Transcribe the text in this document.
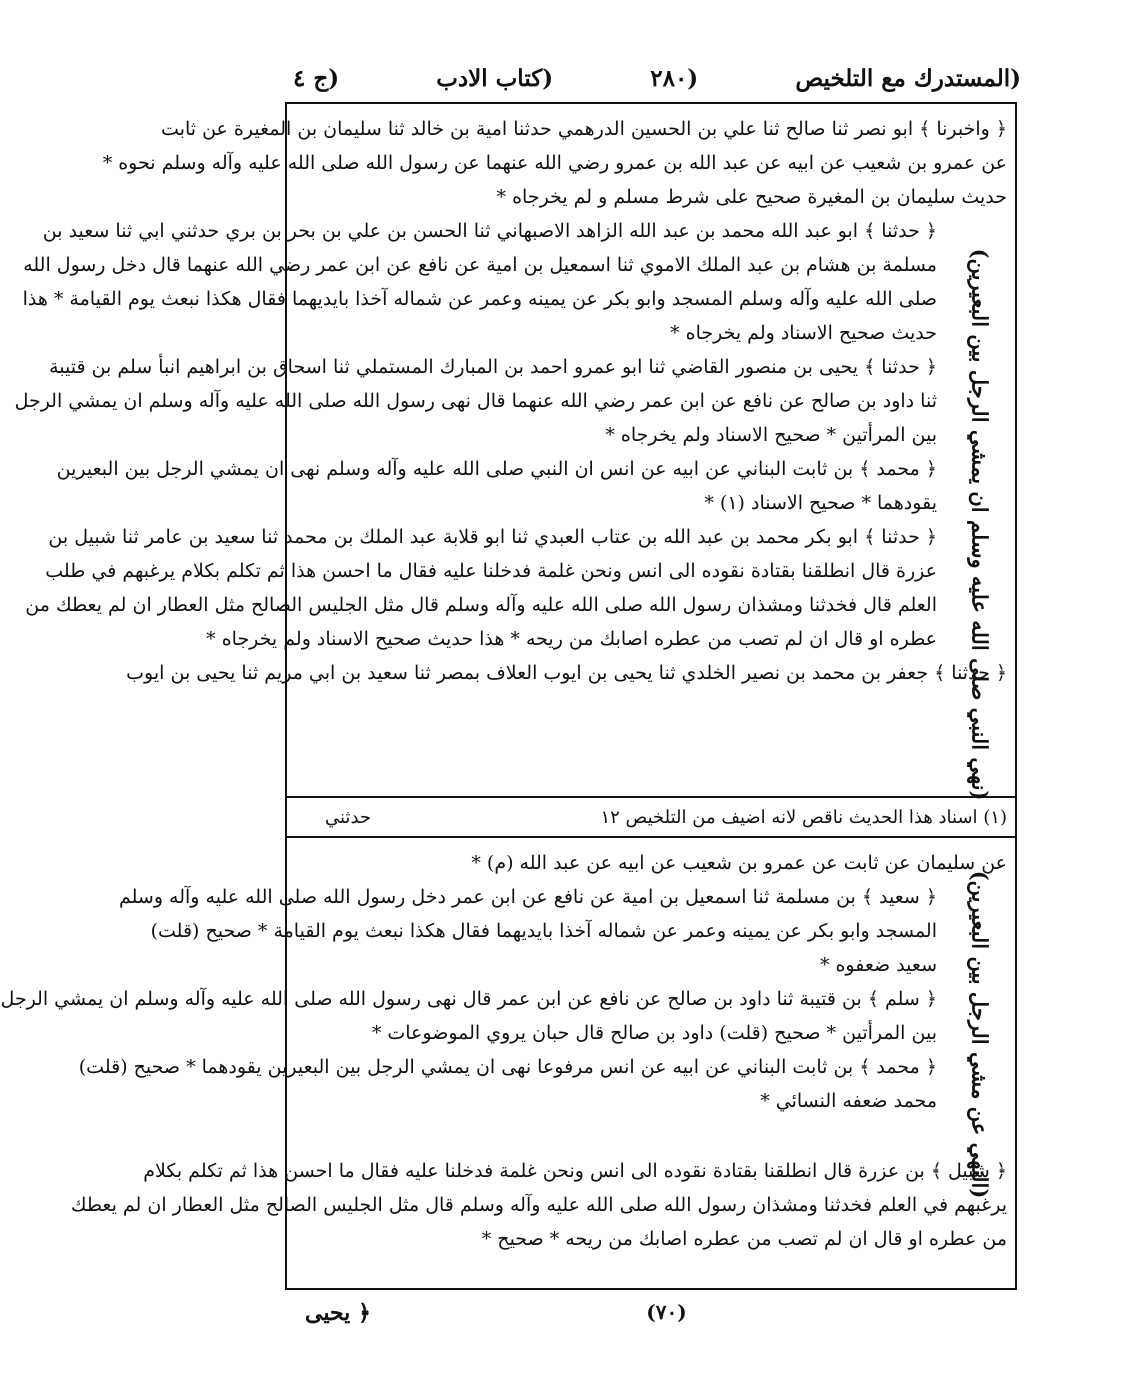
(المستدرك مع التلخيص
(٢٨٠
(كتاب الادب
(ج ٤
﴿ واخبرنا ﴾ ابو نصر ثنا صالح ثنا علي بن الحسين الدرهمي حدثنا امية بن خالد ثنا سليمان بن المغيرة عن ثابت
عن عمرو بن شعيب عن ابيه عن عبد الله بن عمرو رضي الله عنهما عن رسول الله صلى الله عليه وآله وسلم نحوه *
حديث سليمان بن المغيرة صحيح على شرط مسلم و لم يخرجاه *
﴿ حدثنا ﴾ ابو عبد الله محمد بن عبد الله الزاهد الاصبهاني ثنا الحسن بن علي بن بحر بن بري حدثني ابي ثنا سعيد بن
مسلمة بن هشام بن عبد الملك الاموي ثنا اسمعيل بن امية عن نافع عن ابن عمر رضي الله عنهما قال دخل رسول الله
صلى الله عليه وآله وسلم المسجد وابو بكر عن يمينه وعمر عن شماله آخذا بايديهما فقال هكذا نبعث يوم القيامة * هذا
حديث صحيح الاسناد ولم يخرجاه *
﴿ حدثنا ﴾ يحيى بن منصور القاضي ثنا ابو عمرو احمد بن المبارك المستملي ثنا اسحاق بن ابراهيم انبأ سلم بن قتيبة
ثنا داود بن صالح عن نافع عن ابن عمر رضي الله عنهما قال نهى رسول الله صلى الله عليه وآله وسلم ان يمشي الرجل
بين المرأتين * صحيح الاسناد ولم يخرجاه *
﴿ محمد ﴾ بن ثابت البناني عن ابيه عن انس ان النبي صلى الله عليه وآله وسلم نهى ان يمشي الرجل بين البعيرين
يقودهما * صحيح الاسناد (١) *
﴿ حدثنا ﴾ ابو بكر محمد بن عبد الله بن عتاب العبدي ثنا ابو قلابة عبد الملك بن محمد ثنا سعيد بن عامر ثنا شبيل بن
عزرة قال انطلقنا بقتادة نقوده الى انس ونحن غلمة فدخلنا عليه فقال ما احسن هذا ثم تكلم بكلام يرغبهم في طلب
العلم قال فخدثنا ومشذان رسول الله صلى الله عليه وآله وسلم قال مثل الجليس الصالح مثل العطار ان لم يعطك من
عطره او قال ان لم تصب من عطره اصابك من ريحه * هذا حديث صحيح الاسناد ولم يخرجاه *
﴿ حدثنا ﴾ جعفر بن محمد بن نصير الخلدي ثنا يحيى بن ايوب العلاف بمصر ثنا سعيد بن ابي مريم ثنا يحيى بن ايوب
(١) اسناد هذا الحديث ناقص لانه اضيف من التلخيص ١٢
حدثني
عن سليمان عن ثابت عن عمرو بن شعيب عن ابيه عن عبد الله (م) *
﴿ سعيد ﴾ بن مسلمة ثنا اسمعيل بن امية عن نافع عن ابن عمر دخل رسول الله صلى الله عليه وآله وسلم
المسجد وابو بكر عن يمينه وعمر عن شماله آخذا بايديهما فقال هكذا نبعث يوم القيامة * صحيح (قلت)
سعيد ضعفوه *
﴿ سلم ﴾ بن قتيبة ثنا داود بن صالح عن نافع عن ابن عمر قال نهى رسول الله صلى الله عليه وآله وسلم ان يمشي الرجل
بين المرأتين * صحيح (قلت) داود بن صالح قال حبان يروي الموضوعات *
﴿ محمد ﴾ بن ثابت البناني عن ابيه عن انس مرفوعا نهى ان يمشي الرجل بين البعيرين يقودهما * صحيح (قلت)
محمد ضعفه النسائي *
﴿ شبيل ﴾ بن عزرة قال انطلقنا بقتادة نقوده الى انس ونحن غلمة فدخلنا عليه فقال ما احسن هذا ثم تكلم بكلام
يرغبهم في العلم فخدثنا ومشذان رسول الله صلى الله عليه وآله وسلم قال مثل الجليس الصالح مثل العطار ان لم يعطك
من عطره او قال ان لم تصب من عطره اصابك من ريحه * صحيح *
(نهي النبي صلى الله عليه وسلم ان يمشي الرجل بين البعيرين)
(النهي عن مشي الرجل بين البعيرين)
﴿ يحيى	(٧٠)
